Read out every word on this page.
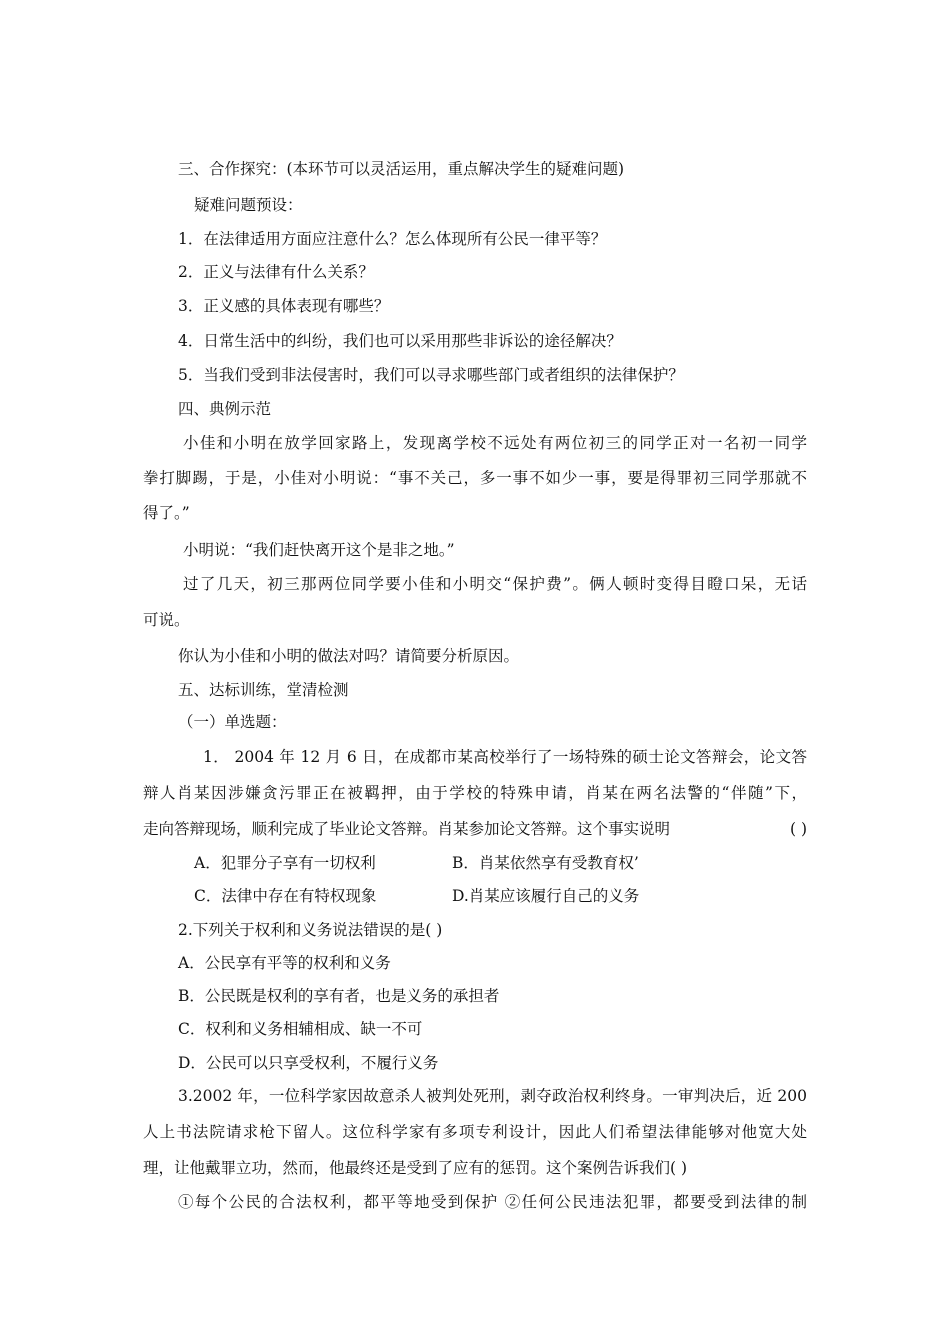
三、合作探究：(本环节可以灵活运用，重点解决学生的疑难问题)
疑难问题预设：
1．在法律适用方面应注意什么？怎么体现所有公民一律平等？
2．正义与法律有什么关系？
3．正义感的具体表现有哪些？
4．日常生活中的纠纷，我们也可以采用那些非诉讼的途径解决？
5．当我们受到非法侵害时，我们可以寻求哪些部门或者组织的法律保护？
四、典例示范
小佳和小明在放学回家路上，发现离学校不远处有两位初三的同学正对一名初一同学
拳打脚踢，于是，小佳对小明说：“事不关己，多一事不如少一事，要是得罪初三同学那就不
得了。”
小明说：“我们赶快离开这个是非之地。”
过了几天，初三那两位同学要小佳和小明交“保护费”。俩人顿时变得目瞪口呆，无话
可说。
你认为小佳和小明的做法对吗？请简要分析原因。
五、达标训练，堂清检测
（一）单选题：
1． 2004 年 12 月 6 日，在成都市某高校举行了一场特殊的硕士论文答辩会，论文答
辩人肖某因涉嫌贪污罪正在被羁押，由于学校的特殊申请，肖某在两名法警的“伴随”下，
走向答辩现场，顺利完成了毕业论文答辩。肖某参加论文答辩。这个事实说明	( )
A．犯罪分子享有一切权利	B．肖某依然享有受教育权’
C．法律中存在有特权现象	D.肖某应该履行自己的义务
2.下列关于权利和义务说法错误的是( )
A．公民享有平等的权利和义务
B．公民既是权利的享有者，也是义务的承担者
C．权利和义务相辅相成、缺一不可
D．公民可以只享受权利，不履行义务
3.2002 年，一位科学家因故意杀人被判处死刑，剥夺政治权利终身。一审判决后，近 200
人上书法院请求枪下留人。这位科学家有多项专利设计，因此人们希望法律能够对他宽大处
理，让他戴罪立功，然而，他最终还是受到了应有的惩罚。这个案例告诉我们( )
①每个公民的合法权利，都平等地受到保护 ②任何公民违法犯罪，都要受到法律的制
